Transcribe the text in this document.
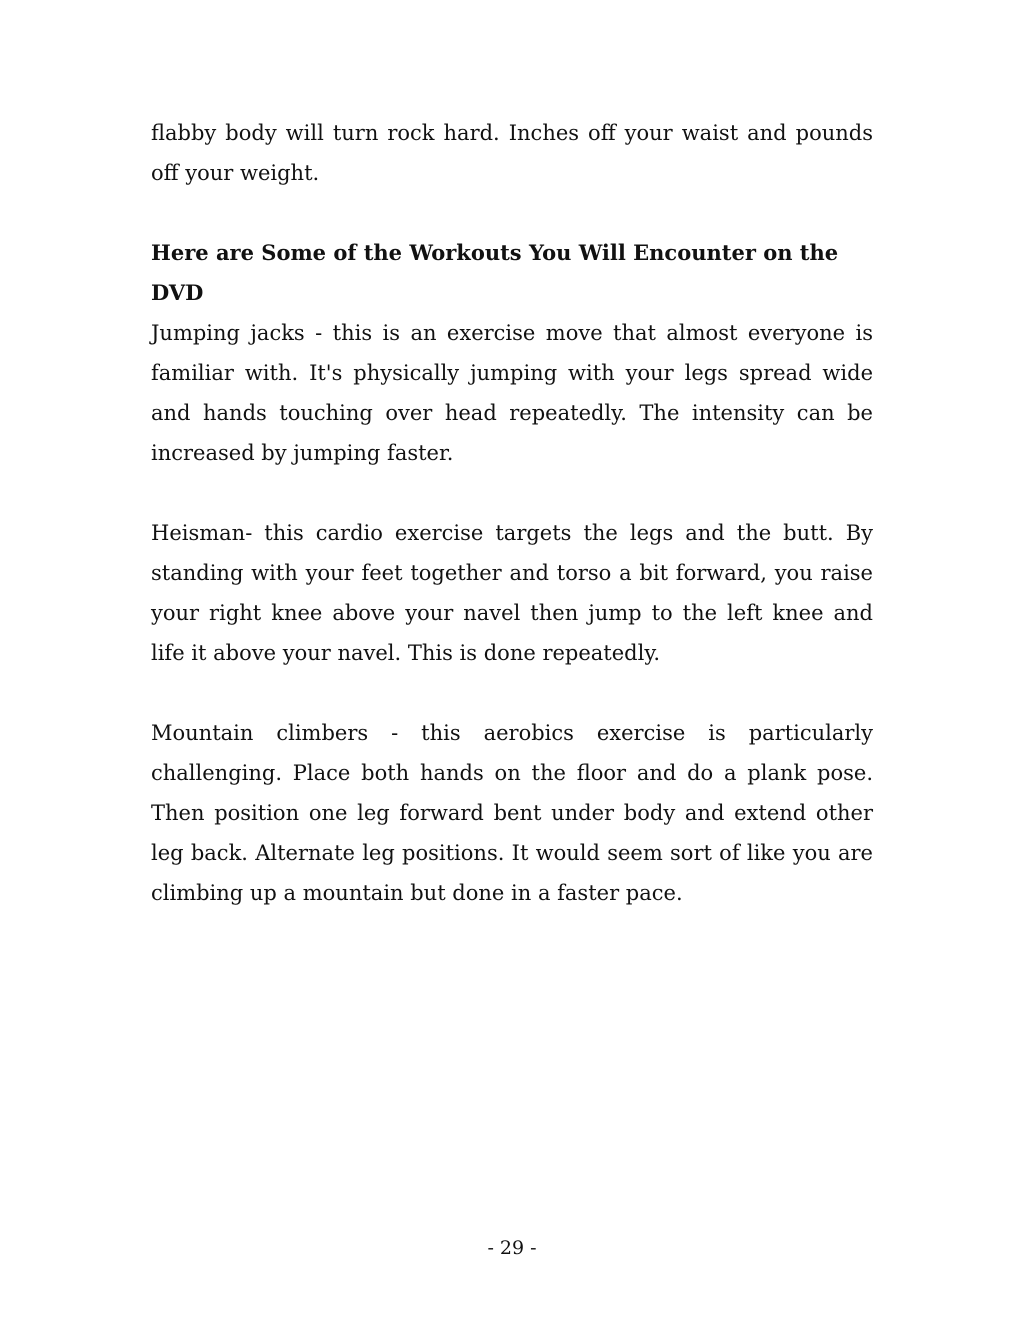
flabby body will turn rock hard. Inches off your waist and pounds off your weight.

Here are Some of the Workouts You Will Encounter on the DVD

Jumping jacks - this is an exercise move that almost everyone is familiar with. It's physically jumping with your legs spread wide and hands touching over head repeatedly. The intensity can be increased by jumping faster.

Heisman- this cardio exercise targets the legs and the butt. By standing with your feet together and torso a bit forward, you raise your right knee above your navel then jump to the left knee and life it above your navel. This is done repeatedly.

Mountain climbers - this aerobics exercise is particularly challenging. Place both hands on the floor and do a plank pose. Then position one leg forward bent under body and extend other leg back. Alternate leg positions. It would seem sort of like you are climbing up a mountain but done in a faster pace.

- 29 -
